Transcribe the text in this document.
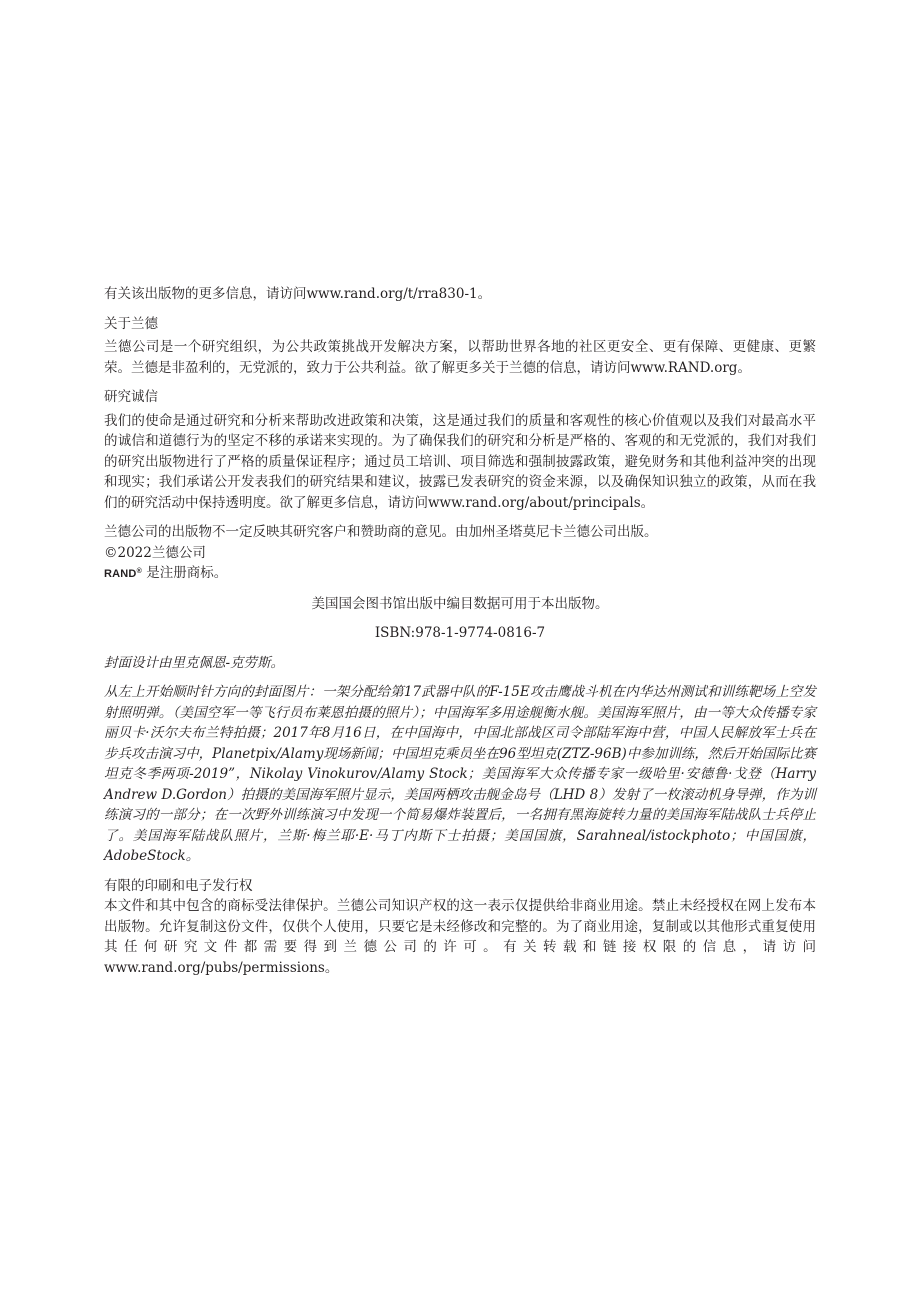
有关该出版物的更多信息，请访问www.rand.org/t/rra830-1。

关于兰德

兰德公司是一个研究组织，为公共政策挑战开发解决方案，以帮助世界各地的社区更安全、更有保障、更健康、更繁荣。兰德是非盈利的，无党派的，致力于公共利益。欲了解更多关于兰德的信息，请访问www.RAND.org。

研究诚信

我们的使命是通过研究和分析来帮助改进政策和决策，这是通过我们的质量和客观性的核心价值观以及我们对最高水平的诚信和道德行为的坚定不移的承诺来实现的。为了确保我们的研究和分析是严格的、客观的和无党派的，我们对我们的研究出版物进行了严格的质量保证程序；通过员工培训、项目筛选和强制披露政策，避免财务和其他利益冲突的出现和现实；我们承诺公开发表我们的研究结果和建议，披露已发表研究的资金来源，以及确保知识独立的政策，从而在我们的研究活动中保持透明度。欲了解更多信息，请访问www.rand.org/about/principals。

兰德公司的出版物不一定反映其研究客户和赞助商的意见。由加州圣塔莫尼卡兰德公司出版。

©2022兰德公司

RAND® 是注册商标。

美国国会图书馆出版中编目数据可用于本出版物。

ISBN:978-1-9774-0816-7

封面设计由里克佩恩-克劳斯。

从左上开始顺时针方向的封面图片：一架分配给第17武器中队的F-15E攻击鹰战斗机在内华达州测试和训练靶场上空发射照明弹。（美国空军一等飞行员布莱恩拍摄的照片）；中国海军多用途舰衡水舰。美国海军照片，由一等大众传播专家丽贝卡·沃尔夫布兰特拍摄；2017年8月16日，在中国海中，中国北部战区司令部陆军海中营，中国人民解放军士兵在步兵攻击演习中，Planetpix/Alamy现场新闻；中国坦克乘员坐在96型坦克(ZTZ-96B)中参加训练，然后开始国际比赛坦克冬季两项-2019”，Nikolay Vinokurov/Alamy Stock；美国海军大众传播专家一级哈里·安德鲁·戈登（Harry Andrew D.Gordon）拍摄的美国海军照片显示，美国两栖攻击舰金岛号（LHD 8）发射了一枚滚动机身导弹，作为训练演习的一部分；在一次野外训练演习中发现一个简易爆炸装置后，一名拥有黑海旋转力量的美国海军陆战队士兵停止了。美国海军陆战队照片，兰斯·梅兰耶·E·马丁内斯下士拍摄；美国国旗，Sarahneal/istockphoto；中国国旗，AdobeStock。

有限的印刷和电子发行权

本文件和其中包含的商标受法律保护。兰德公司知识产权的这一表示仅提供给非商业用途。禁止未经授权在网上发布本出版物。允许复制这份文件，仅供个人使用，只要它是未经修改和完整的。为了商业用途，复制或以其他形式重复使用其任何研究文件都需要得到兰德公司的许可。有关转载和链接权限的信息，请访问www.rand.org/pubs/permissions。
